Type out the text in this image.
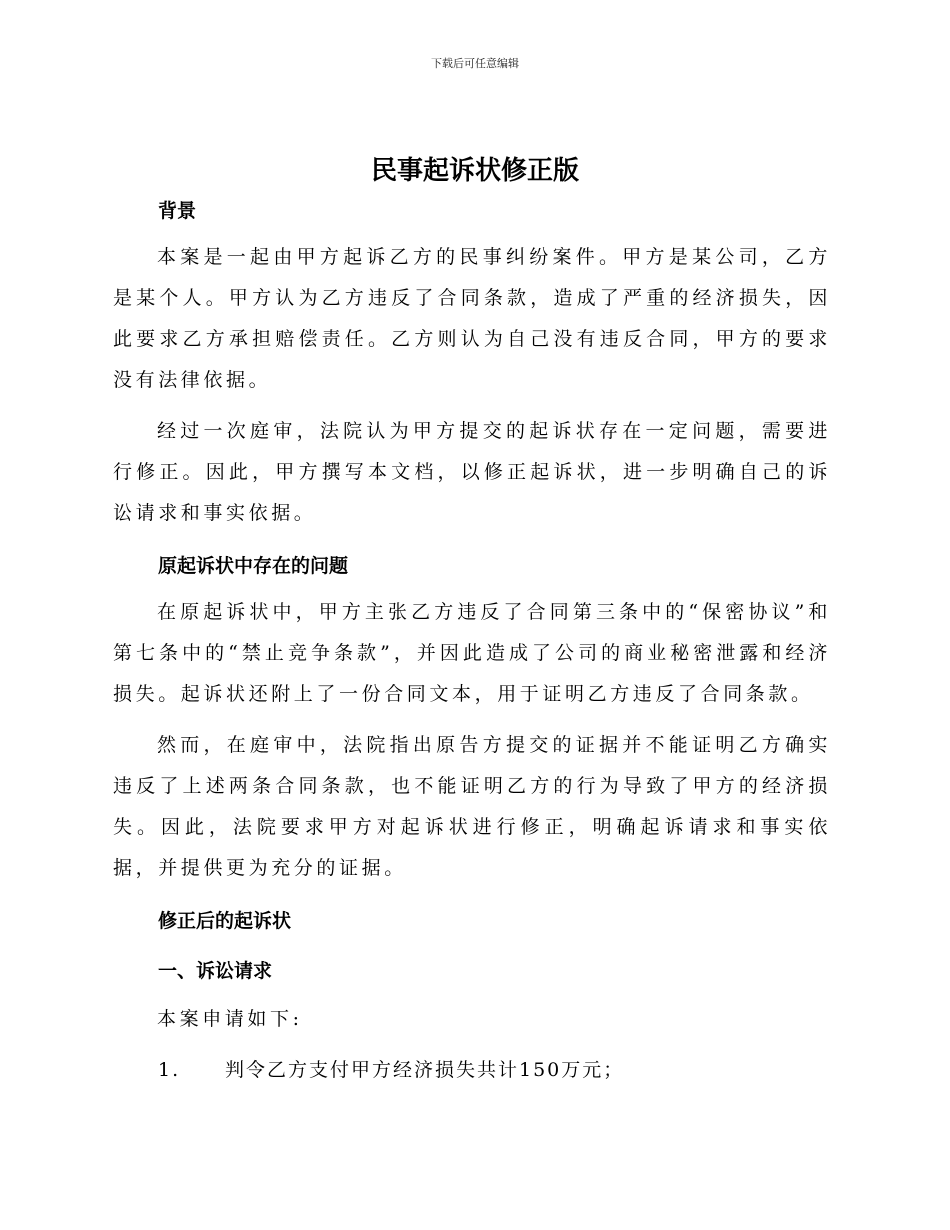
下载后可任意编辑
民事起诉状修正版
背景

本案是一起由甲方起诉乙方的民事纠纷案件。甲方是某公司，乙方是某个人。甲方认为乙方违反了合同条款，造成了严重的经济损失，因此要求乙方承担赔偿责任。乙方则认为自己没有违反合同，甲方的要求没有法律依据。

经过一次庭审，法院认为甲方提交的起诉状存在一定问题，需要进行修正。因此，甲方撰写本文档，以修正起诉状，进一步明确自己的诉讼请求和事实依据。

原起诉状中存在的问题

在原起诉状中，甲方主张乙方违反了合同第三条中的“保密协议”和第七条中的“禁止竞争条款”，并因此造成了公司的商业秘密泄露和经济损失。起诉状还附上了一份合同文本，用于证明乙方违反了合同条款。

然而，在庭审中，法院指出原告方提交的证据并不能证明乙方确实违反了上述两条合同条款，也不能证明乙方的行为导致了甲方的经济损失。因此，法院要求甲方对起诉状进行修正，明确起诉请求和事实依据，并提供更为充分的证据。

修正后的起诉状
一、诉讼请求

本案申请如下:

1. 判令乙方支付甲方经济损失共计150万元；
